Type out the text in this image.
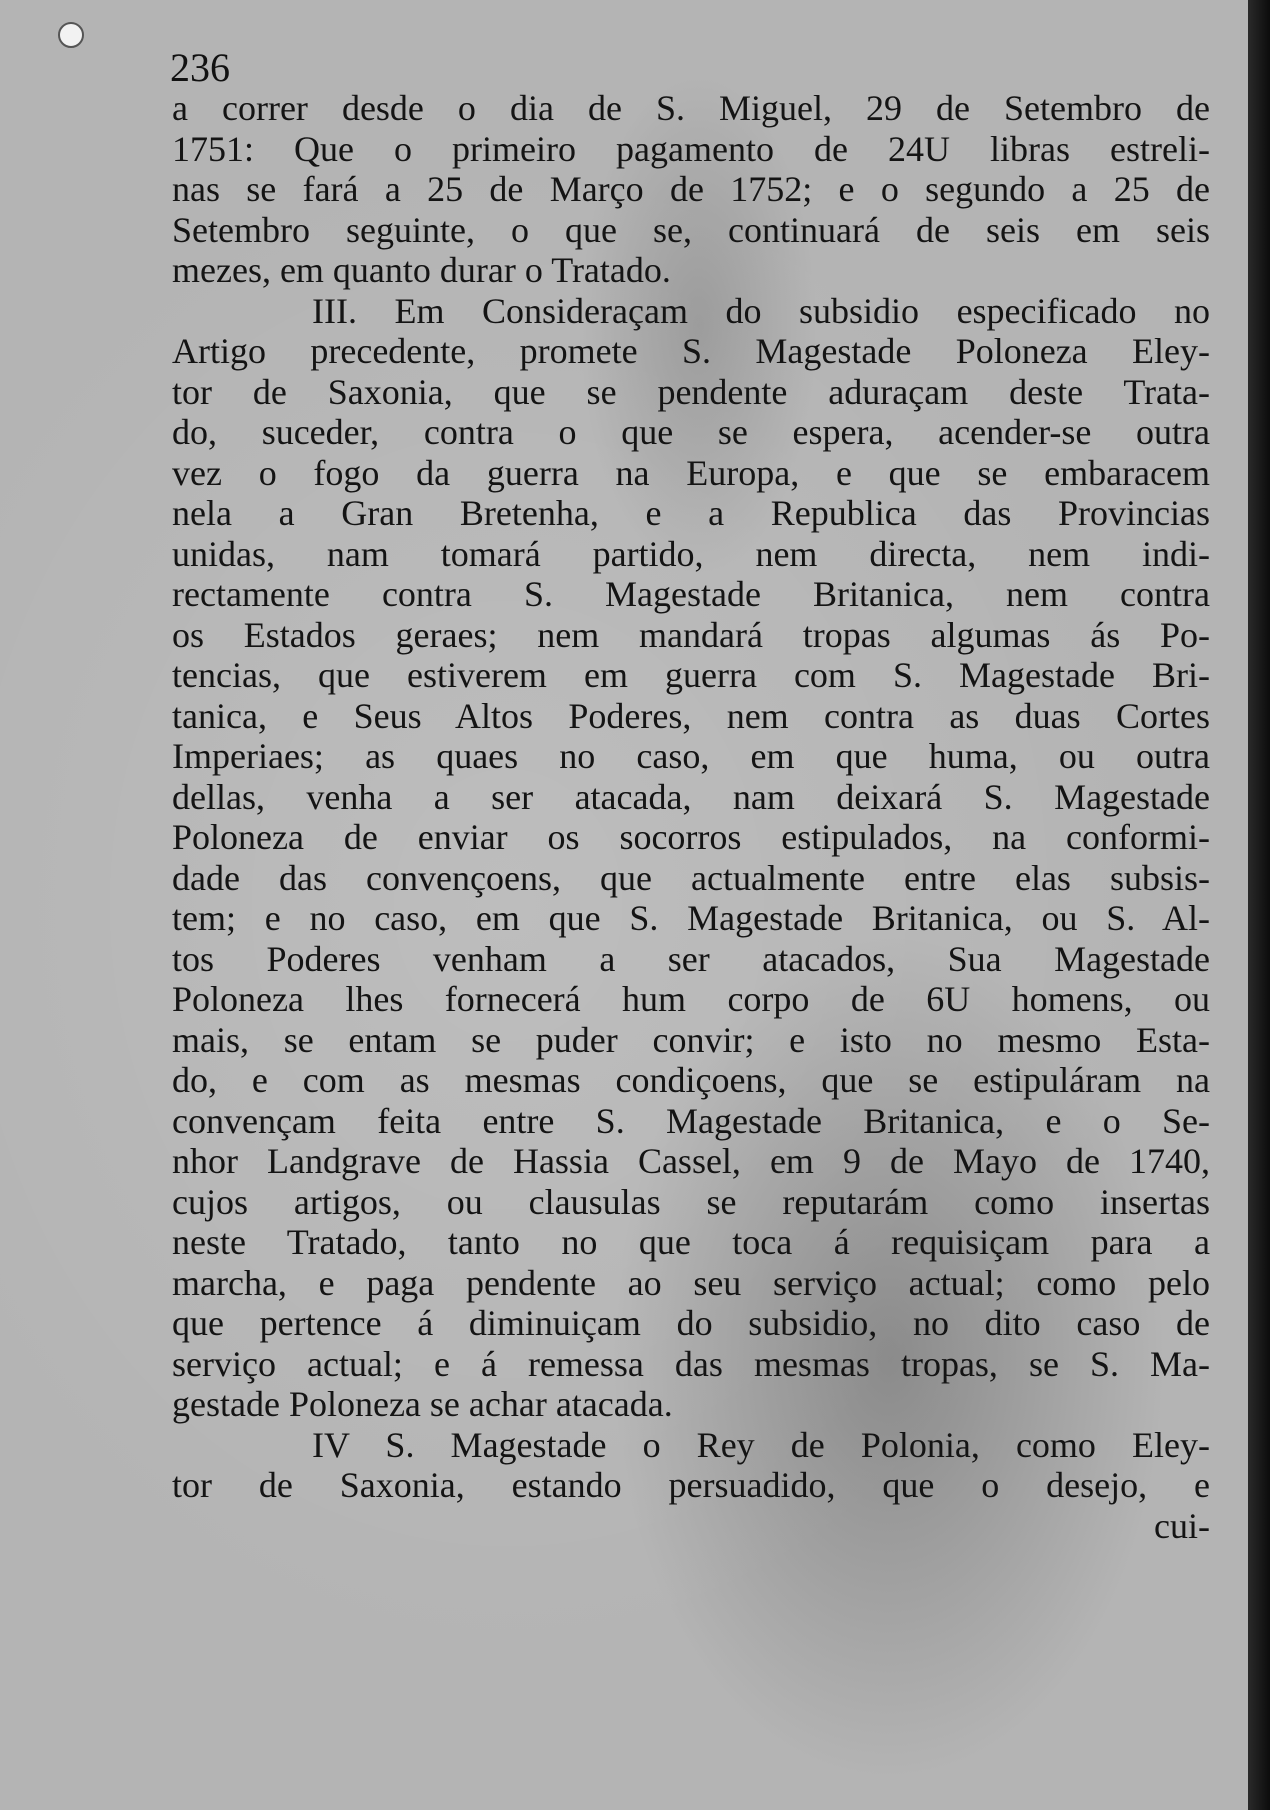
236
a correr desde o dia de S. Miguel, 29 de Setembro de
1751: Que o primeiro pagamento de 24U libras estreli-
nas se fará a 25 de Março de 1752; e o segundo a 25 de
Setembro seguinte, o que se, continuará de seis em seis
mezes, em quanto durar o Tratado.
III. Em Consideraçam do subsidio especificado no
Artigo precedente, promete S. Magestade Poloneza Eley-
tor de Saxonia, que se pendente aduraçam deste Trata-
do, suceder, contra o que se espera, acender-se outra
vez o fogo da guerra na Europa, e que se embaracem
nela a Gran Bretenha, e a Republica das Provincias
unidas, nam tomará partido, nem directa, nem indi-
rectamente contra S. Magestade Britanica, nem contra
os Estados geraes; nem mandará tropas algumas ás Po-
tencias, que estiverem em guerra com S. Magestade Bri-
tanica, e Seus Altos Poderes, nem contra as duas Cortes
Imperiaes; as quaes no caso, em que huma, ou outra
dellas, venha a ser atacada, nam deixará S. Magestade
Poloneza de enviar os socorros estipulados, na conformi-
dade das convençoens, que actualmente entre elas subsis-
tem; e no caso, em que S. Magestade Britanica, ou S. Al-
tos Poderes venham a ser atacados, Sua Magestade
Poloneza lhes fornecerá hum corpo de 6U homens, ou
mais, se entam se puder convir; e isto no mesmo Esta-
do, e com as mesmas condiçoens, que se estipuláram na
convençam feita entre S. Magestade Britanica, e o Se-
nhor Landgrave de Hassia Cassel, em 9 de Mayo de 1740,
cujos artigos, ou clausulas se reputarám como insertas
neste Tratado, tanto no que toca á requisiçam para a
marcha, e paga pendente ao seu serviço actual; como pelo
que pertence á diminuiçam do subsidio, no dito caso de
serviço actual; e á remessa das mesmas tropas, se S. Ma-
gestade Poloneza se achar atacada.
IV S. Magestade o Rey de Polonia, como Eley-
tor de Saxonia, estando persuadido, que o desejo, e
cui-
